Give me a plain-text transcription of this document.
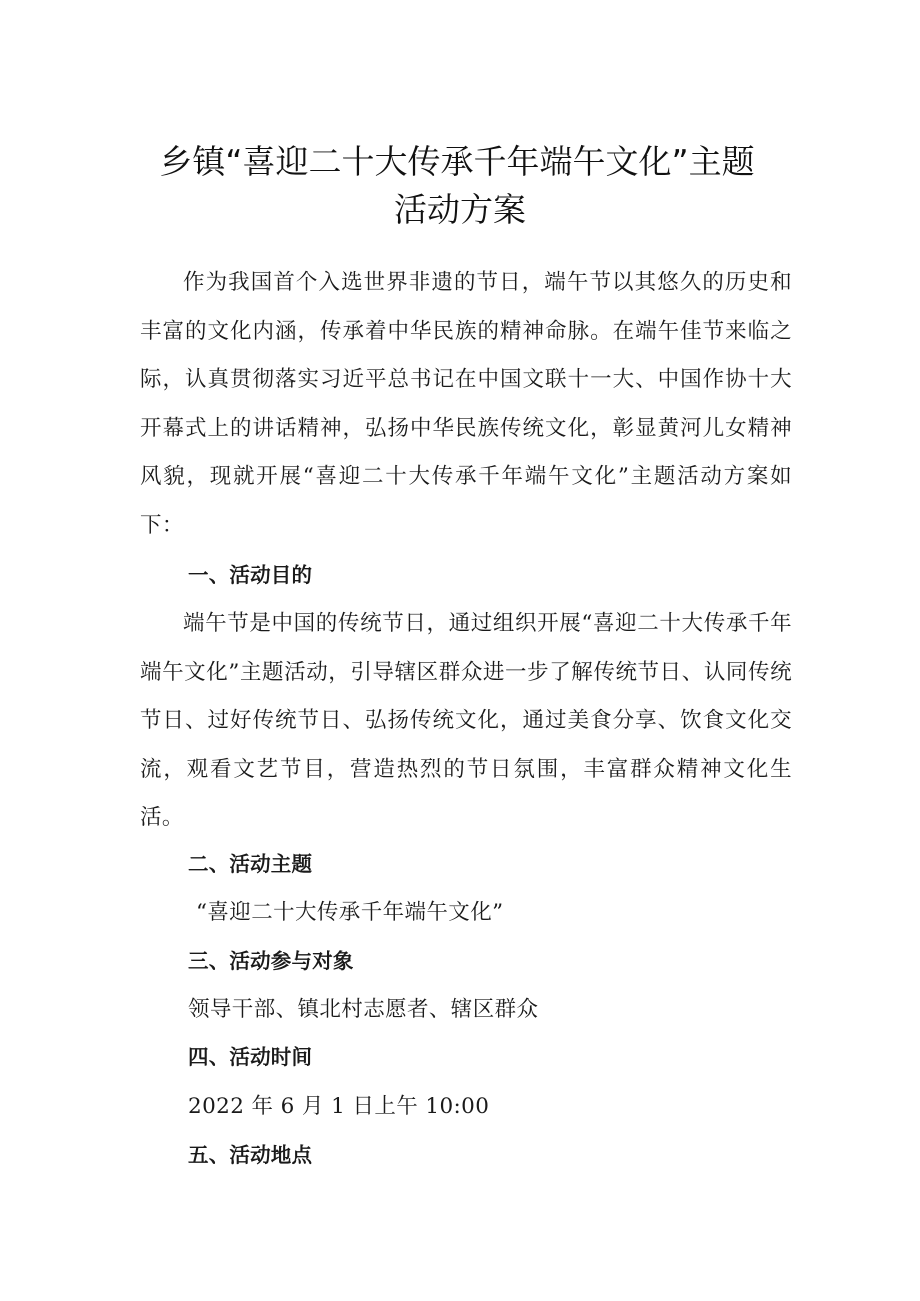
乡镇“喜迎二十大传承千年端午文化”主题
活动方案

作为我国首个入选世界非遗的节日，端午节以其悠久的历史和丰富的文化内涵，传承着中华民族的精神命脉。在端午佳节来临之际，认真贯彻落实习近平总书记在中国文联十一大、中国作协十大开幕式上的讲话精神，弘扬中华民族传统文化，彰显黄河儿女精神风貌，现就开展“喜迎二十大传承千年端午文化”主题活动方案如下：

一、活动目的

端午节是中国的传统节日，通过组织开展“喜迎二十大传承千年端午文化”主题活动，引导辖区群众进一步了解传统节日、认同传统节日、过好传统节日、弘扬传统文化，通过美食分享、饮食文化交流，观看文艺节目，营造热烈的节日氛围，丰富群众精神文化生活。

二、活动主题
“喜迎二十大传承千年端午文化”
三、活动参与对象
领导干部、镇北村志愿者、辖区群众
四、活动时间
2022 年 6 月 1 日上午 10:00
五、活动地点
